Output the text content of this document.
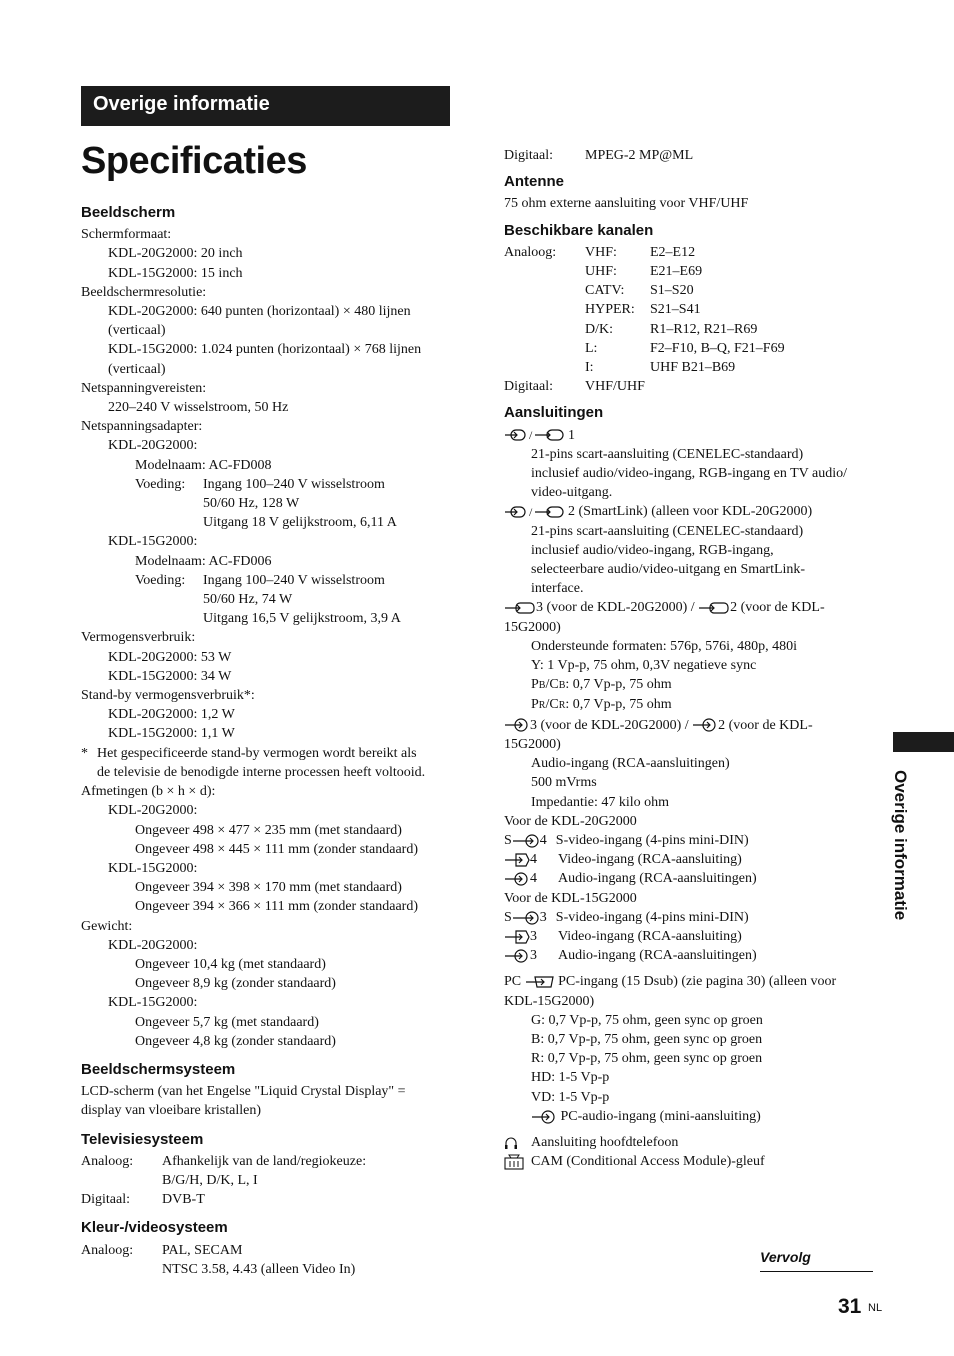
Overige informatie
Specificaties
Beeldscherm
Schermformaat:
KDL-20G2000: 20 inch
KDL-15G2000: 15 inch
Beeldschermresolutie:
KDL-20G2000: 640 punten (horizontaal) × 480 lijnen
(verticaal)
KDL-15G2000: 1.024 punten (horizontaal) × 768 lijnen
(verticaal)
Netspanningvereisten:
220–240 V wisselstroom, 50 Hz
Netspanningsadapter:
KDL-20G2000:
Modelnaam: AC-FD008
Voeding: Ingang 100–240 V wisselstroom
50/60 Hz, 128 W
Uitgang 18 V gelijkstroom, 6,11 A
KDL-15G2000:
Modelnaam: AC-FD006
Voeding: Ingang 100–240 V wisselstroom
50/60 Hz, 74 W
Uitgang 16,5 V gelijkstroom, 3,9 A
Vermogensverbruik:
KDL-20G2000: 53 W
KDL-15G2000: 34 W
Stand-by vermogensverbruik*:
KDL-20G2000: 1,2 W
KDL-15G2000: 1,1 W
* Het gespecificeerde stand-by vermogen wordt bereikt als
de televisie de benodigde interne processen heeft voltooid.
Afmetingen (b × h × d):
KDL-20G2000:
Ongeveer 498 × 477 × 235 mm (met standaard)
Ongeveer 498 × 445 × 111 mm (zonder standaard)
KDL-15G2000:
Ongeveer 394 × 398 × 170 mm (met standaard)
Ongeveer 394 × 366 × 111 mm (zonder standaard)
Gewicht:
KDL-20G2000:
Ongeveer 10,4 kg (met standaard)
Ongeveer 8,9 kg (zonder standaard)
KDL-15G2000:
Ongeveer 5,7 kg (met standaard)
Ongeveer 4,8 kg (zonder standaard)
Beeldschermsysteem
LCD-scherm (van het Engelse "Liquid Crystal Display" =
display van vloeibare kristallen)
Televisiesysteem
Analoog: Afhankelijk van de land/regiokeuze:
B/G/H, D/K, L, I
Digitaal: DVB-T
Kleur-/videosysteem
Analoog: PAL, SECAM
NTSC 3.58, 4.43 (alleen Video In)
Digitaal: MPEG-2 MP@ML
Antenne
75 ohm externe aansluiting voor VHF/UHF
Beschikbare kanalen
Analoog: VHF: E2–E12
UHF: E21–E69
CATV: S1–S20
HYPER: S21–S41
D/K:	R1–R12, R21–R69
L:	F2–F10, B–Q, F21–F69
I:	UHF B21–B69
Digitaal: VHF/UHF
Aansluitingen
/	1
21-pins scart-aansluiting (CENELEC-standaard)
inclusief audio/video-ingang, RGB-ingang en TV audio/
video-uitgang.
/	2 (SmartLink) (alleen voor KDL-20G2000)
21-pins scart-aansluiting (CENELEC-standaard)
inclusief audio/video-ingang, RGB-ingang,
selecteerbare audio/video-uitgang en SmartLink-
interface.
3 (voor de KDL-20G2000) /	2 (voor de KDL-
15G2000)
Ondersteunde formaten: 576p, 576i, 480p, 480i
Y: 1 Vp-p, 75 ohm, 0,3V negatieve sync
PB/CB: 0,7 Vp-p, 75 ohm
PR/CR: 0,7 Vp-p, 75 ohm
3 (voor de KDL-20G2000) / 2 (voor de KDL-
15G2000)
Audio-ingang (RCA-aansluitingen)
500 mVrms
Impedantie: 47 kilo ohm
Voor de KDL-20G2000
S 4 S-video-ingang (4-pins mini-DIN)
4 Video-ingang (RCA-aansluiting)
4 Audio-ingang (RCA-aansluitingen)
Voor de KDL-15G2000
S 3 S-video-ingang (4-pins mini-DIN)
3 Video-ingang (RCA-aansluiting)
3 Audio-ingang (RCA-aansluitingen)
PC	PC-ingang (15 Dsub) (zie pagina 30) (alleen voor
KDL-15G2000)
G: 0,7 Vp-p, 75 ohm, geen sync op groen
B: 0,7 Vp-p, 75 ohm, geen sync op groen
R: 0,7 Vp-p, 75 ohm, geen sync op groen
HD: 1-5 Vp-p
VD: 1-5 Vp-p
PC-audio-ingang (mini-aansluiting)
Aansluiting hoofdtelefoon
CAM (Conditional Access Module)-gleuf
Overige informatie
Vervolg
31 NL
